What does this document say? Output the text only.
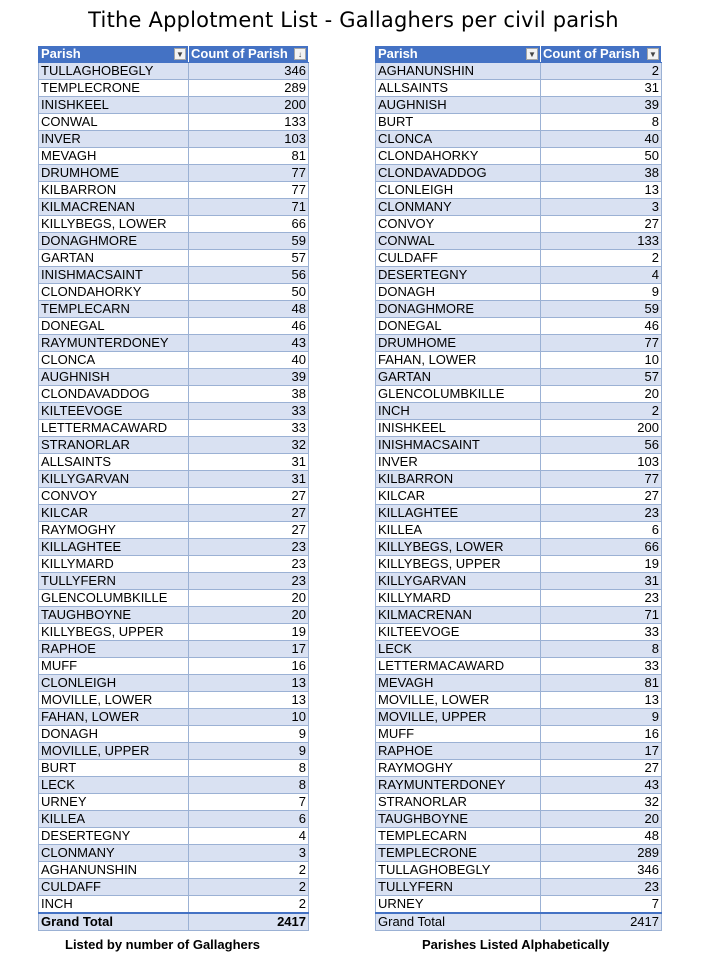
Tithe Applotment List - Gallaghers per civil parish
Parish ▼	Count of Parish ↓

TULLAGHOBEGLY	346
TEMPLECRONE	289
INISHKEEL	200
CONWAL	133
INVER	103
MEVAGH	81
DRUMHOME	77
KILBARRON	77
KILMACRENAN	71
KILLYBEGS, LOWER	66
DONAGHMORE	59
GARTAN	57
INISHMACSAINT	56
CLONDAHORKY	50
TEMPLECARN	48
DONEGAL	46
RAYMUNTERDONEY	43
CLONCA	40
AUGHNISH	39
CLONDAVADDOG	38
KILTEEVOGE	33
LETTERMACAWARD	33
STRANORLAR	32
ALLSAINTS	31
KILLYGARVAN	31
CONVOY	27
KILCAR	27
RAYMOGHY	27
KILLAGHTEE	23
KILLYMARD	23
TULLYFERN	23
GLENCOLUMBKILLE	20
TAUGHBOYNE	20
KILLYBEGS, UPPER	19
RAPHOE	17
MUFF	16
CLONLEIGH	13
MOVILLE, LOWER	13
FAHAN, LOWER	10
DONAGH	9
MOVILLE, UPPER	9
BURT	8
LECK	8
URNEY	7
KILLEA	6
DESERTEGNY	4
CLONMANY	3
AGHANUNSHIN	2
CULDAFF	2
INCH	2
Grand Total	2417
Parish ▼	Count of Parish ▼

AGHANUNSHIN	2
ALLSAINTS	31
AUGHNISH	39
BURT	8
CLONCA	40
CLONDAHORKY	50
CLONDAVADDOG	38
CLONLEIGH	13
CLONMANY	3
CONVOY	27
CONWAL	133
CULDAFF	2
DESERTEGNY	4
DONAGH	9
DONAGHMORE	59
DONEGAL	46
DRUMHOME	77
FAHAN, LOWER	10
GARTAN	57
GLENCOLUMBKILLE	20
INCH	2
INISHKEEL	200
INISHMACSAINT	56
INVER	103
KILBARRON	77
KILCAR	27
KILLAGHTEE	23
KILLEA	6
KILLYBEGS, LOWER	66
KILLYBEGS, UPPER	19
KILLYGARVAN	31
KILLYMARD	23
KILMACRENAN	71
KILTEEVOGE	33
LECK	8
LETTERMACAWARD	33
MEVAGH	81
MOVILLE, LOWER	13
MOVILLE, UPPER	9
MUFF	16
RAPHOE	17
RAYMOGHY	27
RAYMUNTERDONEY	43
STRANORLAR	32
TAUGHBOYNE	20
TEMPLECARN	48
TEMPLECRONE	289
TULLAGHOBEGLY	346
TULLYFERN	23
URNEY	7
Grand Total	2417
Listed by number of Gallaghers	Parishes Listed Alphabetically
